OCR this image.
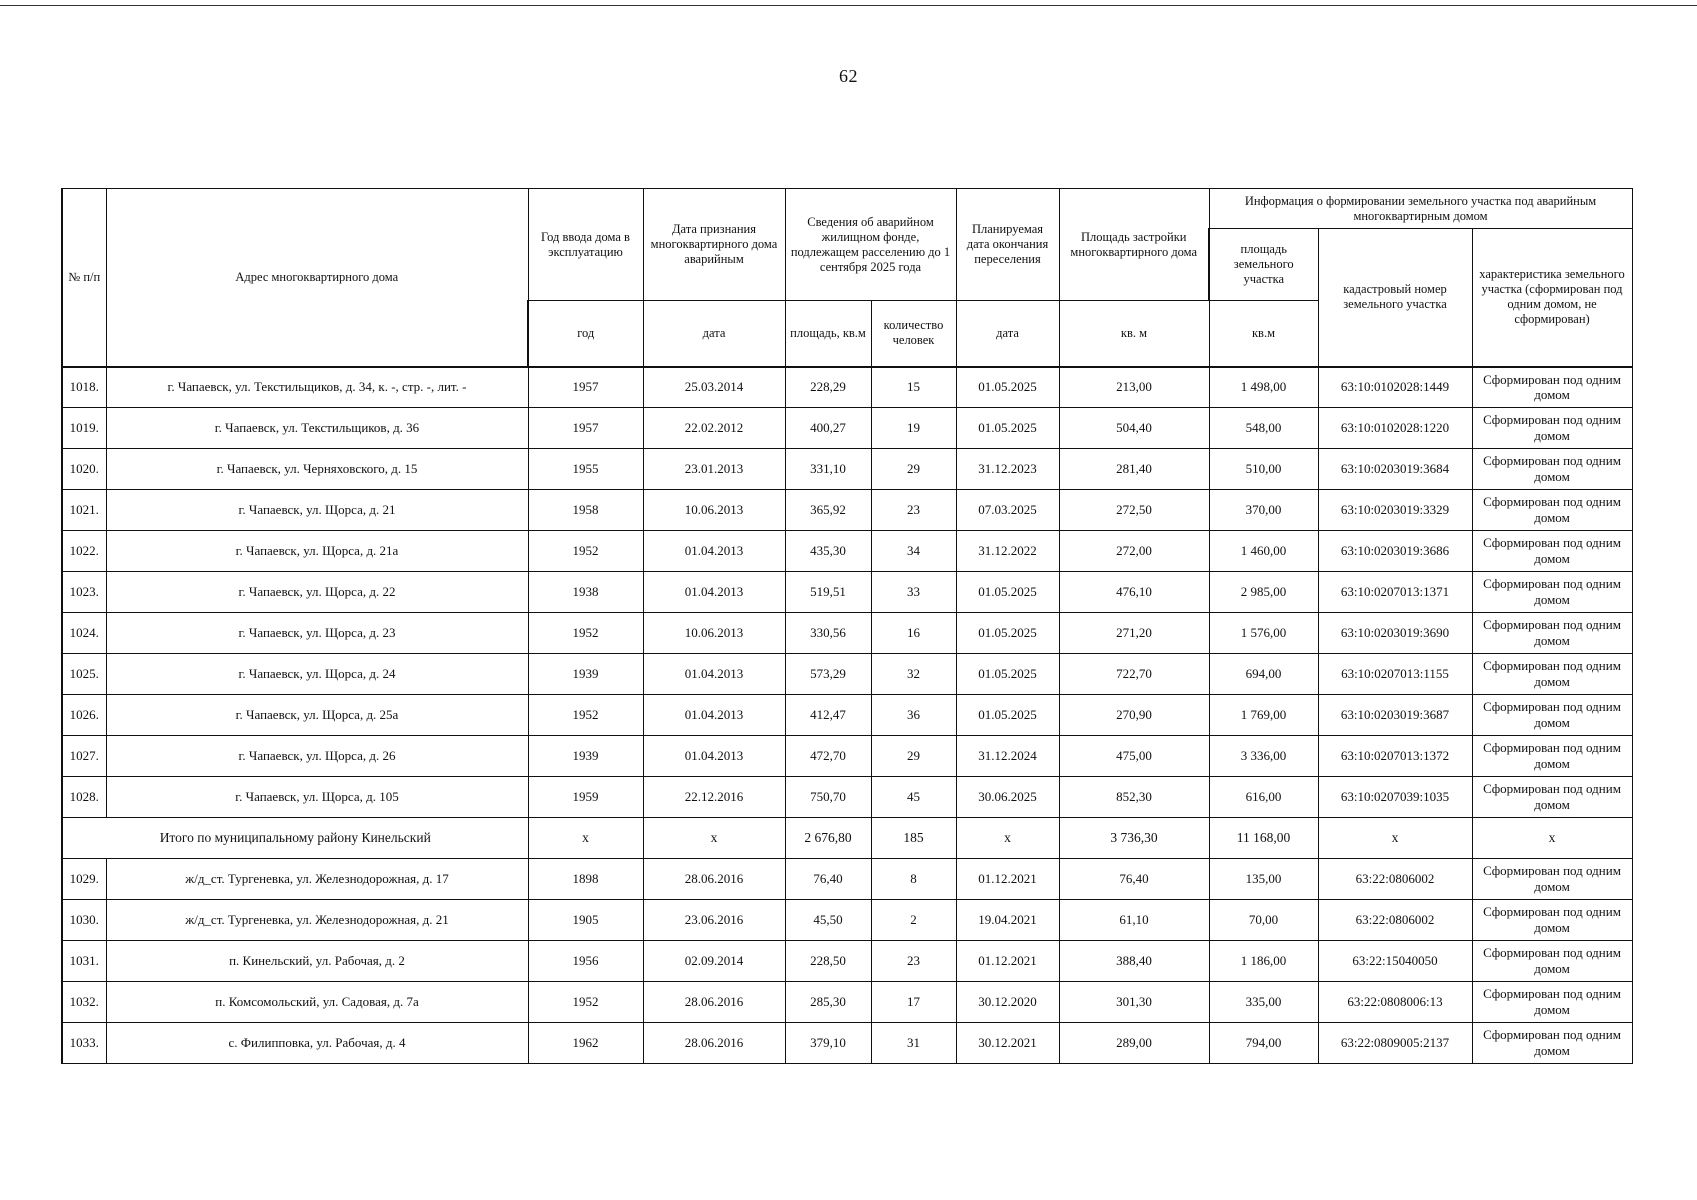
62
№ п/п	Адрес многоквартирного дома	Год ввода дома в эксплуатацию	Дата признания многоквартирного дома аварийным	Сведения об аварийном жилищном фонде, подлежащем расселению до 1 сентября 2025 года		Планируемая дата окончания переселения	Площадь застройки многоквартирного дома	Информация о формировании земельного участка под аварийным многоквартирным домом		
								площадь земельного участка	кадастровый номер земельного участка	характеристика земельного участка (сформирован под одним домом, не сформирован)
		год	дата	площадь, кв.м	количество человек	дата	кв. м	кв.м		
1018.	г. Чапаевск, ул. Текстильщиков, д. 34, к. -, стр. -, лит. -	1957	25.03.2014	228,29	15	01.05.2025	213,00	1 498,00	63:10:0102028:1449	Сформирован под одним домом
1019.	г. Чапаевск, ул. Текстильщиков, д. 36	1957	22.02.2012	400,27	19	01.05.2025	504,40	548,00	63:10:0102028:1220	Сформирован под одним домом
1020.	г. Чапаевск, ул. Черняховского, д. 15	1955	23.01.2013	331,10	29	31.12.2023	281,40	510,00	63:10:0203019:3684	Сформирован под одним домом
1021.	г. Чапаевск, ул. Щорса, д. 21	1958	10.06.2013	365,92	23	07.03.2025	272,50	370,00	63:10:0203019:3329	Сформирован под одним домом
1022.	г. Чапаевск, ул. Щорса, д. 21а	1952	01.04.2013	435,30	34	31.12.2022	272,00	1 460,00	63:10:0203019:3686	Сформирован под одним домом
1023.	г. Чапаевск, ул. Щорса, д. 22	1938	01.04.2013	519,51	33	01.05.2025	476,10	2 985,00	63:10:0207013:1371	Сформирован под одним домом
1024.	г. Чапаевск, ул. Щорса, д. 23	1952	10.06.2013	330,56	16	01.05.2025	271,20	1 576,00	63:10:0203019:3690	Сформирован под одним домом
1025.	г. Чапаевск, ул. Щорса, д. 24	1939	01.04.2013	573,29	32	01.05.2025	722,70	694,00	63:10:0207013:1155	Сформирован под одним домом
1026.	г. Чапаевск, ул. Щорса, д. 25а	1952	01.04.2013	412,47	36	01.05.2025	270,90	1 769,00	63:10:0203019:3687	Сформирован под одним домом
1027.	г. Чапаевск, ул. Щорса, д. 26	1939	01.04.2013	472,70	29	31.12.2024	475,00	3 336,00	63:10:0207013:1372	Сформирован под одним домом
1028.	г. Чапаевск, ул. Щорса, д. 105	1959	22.12.2016	750,70	45	30.06.2025	852,30	616,00	63:10:0207039:1035	Сформирован под одним домом
Итого по муниципальному району Кинельский		x	x	2 676,80	185	x	3 736,30	11 168,00	x	x
1029.	ж/д_ст. Тургеневка, ул. Железнодорожная, д. 17	1898	28.06.2016	76,40	8	01.12.2021	76,40	135,00	63:22:0806002	Сформирован под одним домом
1030.	ж/д_ст. Тургеневка, ул. Железнодорожная, д. 21	1905	23.06.2016	45,50	2	19.04.2021	61,10	70,00	63:22:0806002	Сформирован под одним домом
1031.	п. Кинельский, ул. Рабочая, д. 2	1956	02.09.2014	228,50	23	01.12.2021	388,40	1 186,00	63:22:15040050	Сформирован под одним домом
1032.	п. Комсомольский, ул. Садовая, д. 7а	1952	28.06.2016	285,30	17	30.12.2020	301,30	335,00	63:22:0808006:13	Сформирован под одним домом
1033.	с. Филипповка, ул. Рабочая, д. 4	1962	28.06.2016	379,10	31	30.12.2021	289,00	794,00	63:22:0809005:2137	Сформирован под одним домом
